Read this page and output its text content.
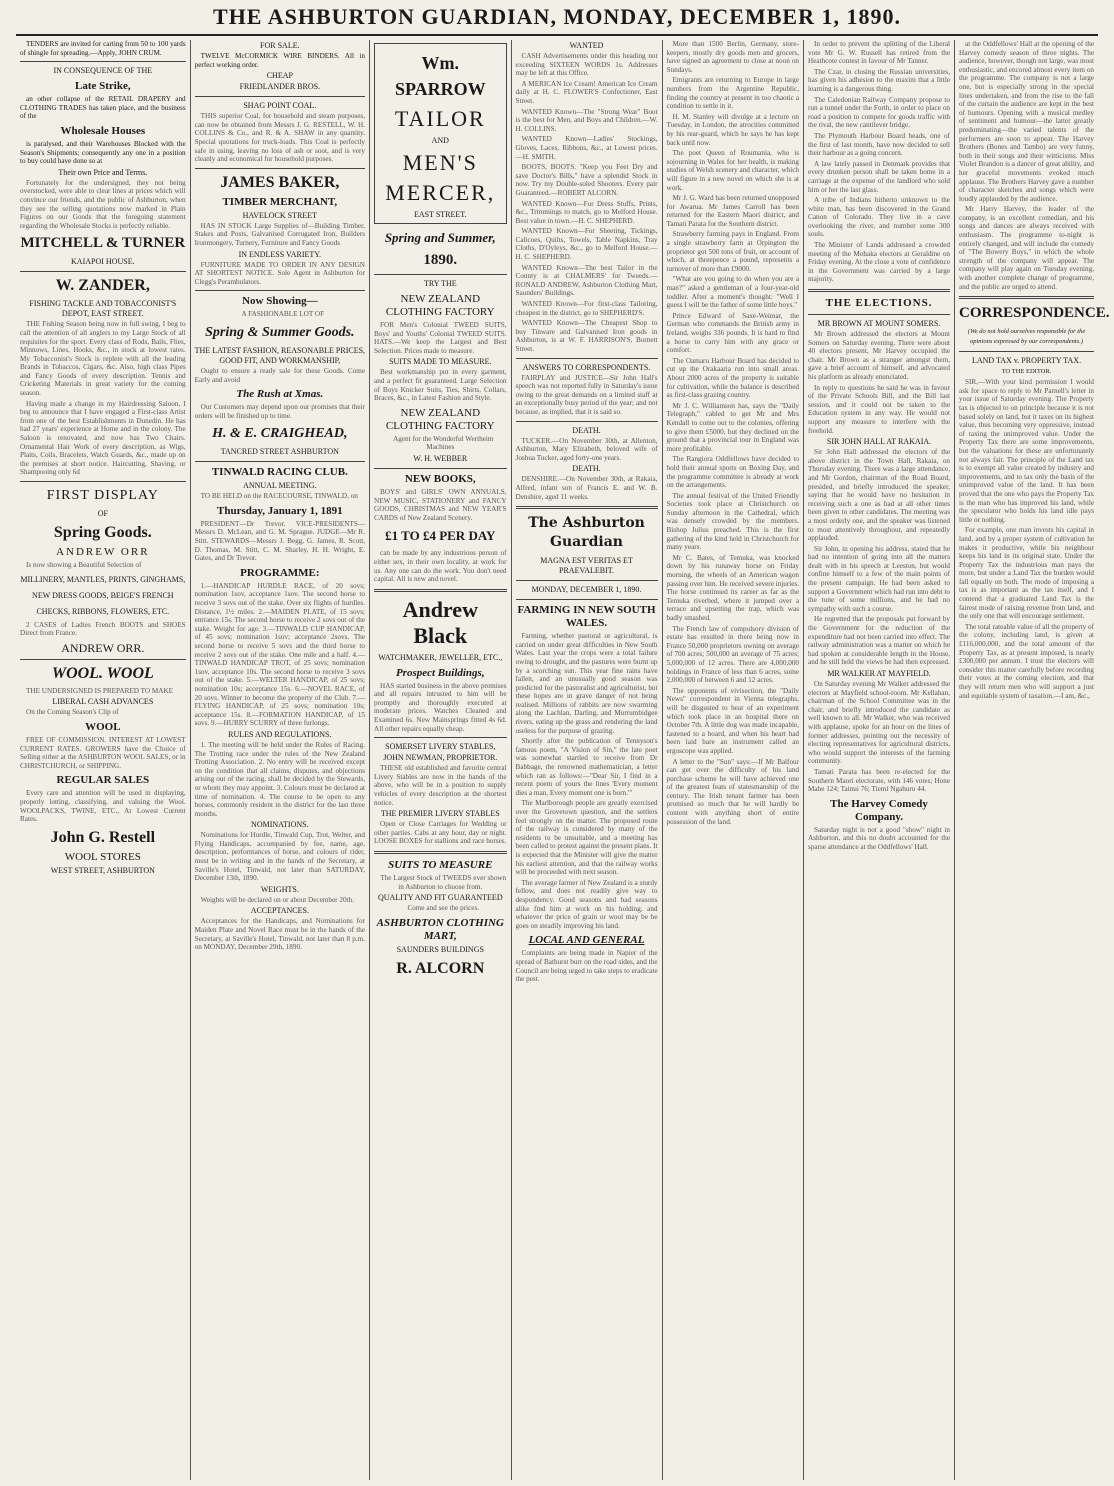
THE ASHBURTON GUARDIAN, MONDAY, DECEMBER 1, 1890.

TENDERS are invited for carting from 50 to 100 yards of shingle for spreading.—Apply, JOHN CRUM.

IN CONSEQUENCE OF THE
Late Strike,

an other collapse of the RETAIL DRAPERY and CLOTHING TRADES has taken place, and the business of the

Wholesale Houses

is paralysed, and their Warehouses Blocked with the Season's Shipments; consequently any one in a position to buy could have done so at

Their own Price and Terms.

Fortunately for the undersigned, they not being overstocked, were able to clear lines at prices which will convince our friends, and the public of Ashburton, when they see the selling quotations now marked in Plain Figures on our Goods that the foregoing statement regarding the Wholesale Stocks is perfectly reliable.

MITCHELL & TURNER
KAIAPOI HOUSE.
W. ZANDER,
FISHING TACKLE AND TOBACCONIST'S DEPOT, EAST STREET.

THE Fishing Season being now in full swing, I beg to call the attention of all anglers to my Large Stock of all requisites for the sport. Every class of Rods, Bails, Flies, Minnows, Lines, Hooks, &c., in stock at lowest rates. My Tobacconist's Stock is replete with all the leading Brands in Tobaccos, Cigars, &c. Also, high class Pipes and Fancy Goods of every description. Tennis and Cricketing Materials in great variety for the coming season.

Having made a change in my Hairdressing Saloon, I beg to announce that I have engaged a First-class Artist from one of the best Establishments in Dunedin. He has had 27 years' experience at Home and in the colony. The Saloon is renovated, and now has Two Chairs. Ornamental Hair Work of every description, as Wigs, Plaits, Coils, Bracelets, Watch Guards, &c., made up on the premises at short notice. Haircutting, Shaving, or Shampooing only 6d

FIRST DISPLAY
OF
Spring Goods.
ANDREW ORR

Is now showing a Beautiful Selection of

MILLINERY, MANTLES, PRINTS, GINGHAMS, NEW DRESS GOODS, BEIGE'S FRENCH CHECKS, RIBBONS, FLOWERS, ETC.

2 CASES of Ladies French BOOTS and SHOES Direct from France.

ANDREW ORR.
WOOL. WOOL

THE UNDERSIGNED IS PREPARED TO MAKE

LIBERAL CASH ADVANCES

On the Coming Season's Clip of

WOOL

FREE OF COMMISSION. INTEREST AT LOWEST CURRENT RATES. GROWERS have the Choice of Selling either at the ASHBURTON WOOL SALES, or in CHRISTCHURCH, or SHIPPING.

REGULAR SALES

Every care and attention will be used in displaying, properly lotting, classifying, and valuing the Wool. WOOLPACKS, TWINE, ETC., At Lowest Current Rates.

John G. Restell
WOOL STORES
WEST STREET, ASHBURTON
FOR SALE.

TWELVE McCORMICK WIRE BINDERS. All in perfect working order.

CHEAP
FRIEDLANDER BROS.
SHAG POINT COAL.

THIS superior Coal, for household and steam purposes, can now be obtained from Messrs J. G. RESTELL, W. H. COLLINS & Co., and R. & A. SHAW in any quantity. Special quotations for truck-loads. This Coal is perfectly safe in using, leaving no loss of ash or soot, and is very cleanly and economical for household purposes.

JAMES BAKER,
TIMBER MERCHANT,
HAVELOCK STREET

HAS IN STOCK Large Supplies of—Building Timber, Stakes and Posts, Galvanised Corrugated Iron, Builders Ironmongery, Turnery, Furniture and Fancy Goods

IN ENDLESS VARIETY.

FURNITURE MADE TO ORDER IN ANY DESIGN AT SHORTEST NOTICE. Sole Agent in Ashburton for Clegg's Perambulators.

Now Showing—

A FASHIONABLE LOT OF

Spring & Summer Goods.
THE LATEST FASHION, REASONABLE PRICES, GOOD FIT, AND WORKMANSHIP,

Ought to ensure a ready sale for these Goods. Come Early and avoid

The Rush at Xmas.

Our Customers may depend upon our promises that their orders will be finished up to time.

H. & E. CRAIGHEAD,
TANCRED STREET ASHBURTON
TINWALD RACING CLUB.
ANNUAL MEETING.

TO BE HELD on the RACECOURSE, TINWALD, on

Thursday, January 1, 1891

PRESIDENT—Dr Trevor. VICE-PRESIDENTS—Messrs D. McLean, and G. M. Sprague. JUDGE—Mr R. Stitt. STEWARDS—Messrs J. Begg, G. James, R. Scott, D. Thomas, M. Stitt, C. M. Sharley, H. H. Wright, E. Gates, and Dr Trevor.

PROGRAMME:

1.—HANDICAP HURDLE RACE, of 20 sovs; nomination 1sov, acceptance 1sov. The second horse to receive 3 sovs out of the stake. Over six flights of hurdles. Distance, 1½ miles. 2.—MAIDEN PLATE, of 15 sovs; entrance 15s. The second horse to receive 2 sovs out of the stake. Weight for age. 3.—TINWALD CUP HANDICAP, of 45 sovs; nomination 1sov; acceptance 2sovs. The second horse to receive 5 sovs and the third horse to receive 2 sovs out of the stake. One mile and a half. 4.—TINWALD HANDICAP TROT, of 25 sovs; nomination 1sov, acceptance 10s. The second horse to receive 3 sovs out of the stake. 5.—WELTER HANDICAP, of 25 sovs; nomination 10s; acceptance 15s. 6.—NOVEL RACE, of 20 sovs. Winner to become the property of the Club. 7.—FLYING HANDICAP, of 25 sovs; nomination 10s; acceptance 15s. 8.—FORMATION HANDICAP, of 15 sovs. 9.—HURRY SCURRY of three furlongs.

RULES AND REGULATIONS.

1. The meeting will be held under the Rules of Racing. The Trotting race under the rules of the New Zealand Trotting Association. 2. No entry will be received except on the condition that all claims, disputes, and objections arising out of the racing, shall be decided by the Stewards, or whom they may appoint. 3. Colours must be declared at time of nomination. 4. The course to be open to any horses, commonly resident in the district for the last three months.

NOMINATIONS.

Nominations for Hurdle, Tinwald Cup, Trot, Welter, and Flying Handicaps, accompanied by fee, name, age, description, performances of horse, and colours of rider, must be in writing and in the hands of the Secretary, at Saville's Hotel, Tinwald, not later than SATURDAY, December 13th, 1890.

WEIGHTS.

Weights will be declared on or about December 20th.

ACCEPTANCES.

Acceptances for the Handicaps, and Nominations for Maiden Plate and Novel Race must be in the hands of the Secretary, at Saville's Hotel, Tinwald, not later than 8 p.m. on MONDAY, December 29th, 1890.

Wm. SPARROW
TAILOR
AND
MEN'S
MERCER,
EAST STREET.
Spring and Summer,
1890.
TRY THE
NEW ZEALAND CLOTHING FACTORY

FOR Men's Colonial TWEED SUITS, Boys' and Youths' Colonial TWEED SUITS. HATS.—We keep the Largest and Best Selection. Prices made to measure.

SUITS MADE TO MEASURE.

Best workmanship put in every garment, and a perfect fit guaranteed. Large Selection of Boys Knicker Suits, Ties, Shirts, Collars, Braces, &c., in Latest Fashion and Style.

NEW ZEALAND CLOTHING FACTORY

Agent for the Wonderful Wertheim Machines

W. H. WEBBER
NEW BOOKS,

BOYS' and GIRLS' OWN ANNUALS, NEW MUSIC, STATIONERY and FANCY GOODS, CHRISTMAS and NEW YEAR'S CARDS of New Zealand Scenery.

£1 TO £4 PER DAY

can be made by any industrious person of either sex, in their own locality, at work for us. Any one can do the work. You don't need capital. All is new and novel.

Andrew Black
WATCHMAKER, JEWELLER, ETC.,
Prospect Buildings,

HAS started business in the above premises and all repairs intrusted to him will be promptly and thoroughly executed at moderate prices. Watches Cleaned and Examined 6s. New Mainsprings fitted 4s 6d. All other repairs equally cheap.

SOMERSET LIVERY STABLES,
JOHN NEWMAN, PROPRIETOR.

THESE old established and favorite central Livery Stables are now in the hands of the above, who will be in a position to supply vehicles of every description at the shortest notice.

THE PREMIER LIVERY STABLES

Open or Close Carriages for Wedding or other parties. Cabs at any hour, day or night. LOOSE BOXES for stallions and race horses.

SUITS TO MEASURE

The Largest Stock of TWEEDS ever shown in Ashburton to choose from.

QUALITY AND FIT GUARANTEED

Come and see the prices.

ASHBURTON CLOTHING MART,
SAUNDERS BUILDINGS
R. ALCORN
WANTED

CASH Advertisements under this heading not exceeding SIXTEEN WORDS 1s. Addresses may be left at this Office.

A MERICAN Ice Cream! American Ice Cream daily at H. C. FLOWER'S Confectioner, East Street.

WANTED Known—The "Strong Wear" Boot is the best for Men, and Boys and Children.—W. H. COLLINS.

WANTED Known—Ladies' Stockings, Gloves, Laces, Ribbons, &c., at Lowest prices.—H. SMITH.

BOOTS, BOOTS. "Keep you Feet Dry and save Doctor's Bills," have a splendid Stock in now. Try my Double-soled Shooters. Every pair Guaranteed.—ROBERT ALCORN.

WANTED Known—For Dress Stuffs, Prints, &c., Trimmings to match, go to Melford House. Best value in town.—H. C. SHEPHERD.

WANTED Known—For Sheeting, Tickings, Calicoes, Quilts, Towels, Table Napkins, Tray Cloths, D'Oyleys, &c., go to Melford House.—H. C. SHEPHERD.

WANTED Known—The best Tailor in the County is at CHALMERS' for Tweeds.—RONALD ANDREW, Ashburton Clothing Mart, Saunders' Buildings.

WANTED Known—For first-class Tailoring, cheapest in the district, go to SHEPHERD'S.

WANTED Known—The Cheapest Shop to buy Tinware and Galvanised Iron goods in Ashburton, is at W. F. HARRISON'S, Burnett Street.

ANSWERS TO CORRESPONDENTS.

FAIRPLAY and JUSTICE—Sir John Hall's speech was not reported fully in Saturday's issue owing to the great demands on a limited staff at an exceptionally busy period of the year; and not because, as implied, that it is said so.

DEATH.

TUCKER.—On November 30th, at Allenton, Ashburton, Mary Elizabeth, beloved wife of Joshua Tucker, aged forty-one years.

DEATH.

DENSHIRE.—On November 30th, at Rakaia, Alfred, infant son of Francis E. and W. B. Denshire, aged 11 weeks.

The Ashburton Guardian
MAGNA EST VERITAS ET PRAEVALEBIT.
MONDAY, DECEMBER 1, 1890.
FARMING IN NEW SOUTH WALES.

Farming, whether pastoral or agricultural, is carried on under great difficulties in New South Wales. Last year the crops were a total failure owing to drought, and the pastures were burnt up by a scorching sun. This year fine rains have fallen, and an unusually good season was predicted for the pastoralist and agriculturist, but these hopes are in grave danger of not being realised. Millions of rabbits are now swarming along the Lachlan, Darling, and Murrumbidgee rivers, eating up the grass and rendering the land useless for the purpose of grazing.

Shortly after the publication of Tennyson's famous poem, "A Vision of Sin," the late poet was somewhat startled to receive from Dr Babbage, the renowned mathematician, a letter which ran as follows:—"Dear Sir, I find in a recent poem of yours the lines 'Every moment dies a man, Every moment one is born.'"

The Marlborough people are greatly exercised over the Grovetown question, and the settlers feel strongly on the matter. The proposed route of the railway is considered by many of the residents to be unsuitable, and a meeting has been called to protest against the present plans. It is expected that the Minister will give the matter his earliest attention, and that the railway works will be proceeded with next season.

The average farmer of New Zealand is a sturdy fellow, and does not readily give way to despondency. Good seasons and bad seasons alike find him at work on his holding, and whatever the price of grain or wool may be he goes on steadily improving his land.

LOCAL AND GENERAL

Complaints are being made in Napier of the spread of Bathurst burr on the road sides, and the Council are being urged to take steps to eradicate the pest.

More than 1500 Berlin, Germany, store-keepers, mostly dry goods men and grocers, have signed an agreement to close at noon on Sundays.

Emigrants are returning to Europe in large numbers from the Argentine Republic, finding the country at present in too chaotic a condition to settle in it.

H. M. Stanley will divulge at a lecture on Tuesday, in London, the atrocities committed by his rear-guard, which he says he has kept back until now.

The poet Queen of Roumania, who is sojourning in Wales for her health, is making studies of Welsh scenery and character, which will figure in a new novel on which she is at work.

Mr J. G. Ward has been returned unopposed for Awarua. Mr James Carroll has been returned for the Eastern Maori district, and Tamati Parata for the Southern district.

Strawberry farming pays in England. From a single strawberry farm at Orpington the proprietor got 500 tons of fruit, on account of which, at threepence a pound, represents a turnover of more than £9000.

"What are you going to do when you are a man?" asked a gentleman of a four-year-old toddler. After a moment's thought: "Well I guess I will be the father of some little boys."

Prince Edward of Saxe-Weimar, the German who commands the British army in Ireland, weighs 336 pounds. It is hard to find a horse to carry him with any grace or comfort.

The Oamaru Harbour Board has decided to cut up the Orakaaria run into small areas. About 2000 acres of the property is suitable for cultivation, while the balance is described as first-class grazing country.

Mr J. C. Williamson has, says the "Daily Telegraph," cabled to get Mr and Mrs Kendall to come out to the colonies, offering to give them £5000, but they declined on the ground that a provincial tour in England was more profitable.

The Rangiora Oddfellows have decided to hold their annual sports on Boxing Day, and the programme committee is already at work on the arrangements.

The annual festival of the United Friendly Societies took place at Christchurch on Sunday afternoon in the Cathedral, which was densely crowded by the members. Bishop Julius preached. This is the first gathering of the kind held in Christchurch for many years.

Mr C. Bates, of Temuka, was knocked down by his runaway horse on Friday morning, the wheels of an American wagon passing over him. He received severe injuries. The horse continued its career as far as the Temuka riverbed, where it jumped over a terrace and upsetting the trap, which was badly smashed.

The French law of compulsory division of estate has resulted in there being now in France 50,000 proprietors owning on average of 700 acres; 500,000 an average of 75 acres; 5,000,000 of 12 acres. There are 4,000,000 holdings in France of less than 6 acres, some 2,000,000 of between 6 and 12 acres.

The opponents of vivisection, the "Daily News" correspondent in Vienna telegraphs, will be disgusted to hear of an experiment which took place in an hospital there on October 7th. A little dog was made incapable, fastened to a board, and when his heart had been laid bare an instrument called an ergoscope was applied.

A letter to the "Sun" says:—If Mr Balfour can get over the difficulty of his land purchase scheme he will have achieved one of the greatest feats of statesmanship of the century. The Irish tenant farmer has been promised so much that he will hardly be content with anything short of entire possession of the land.

In order to prevent the splitting of the Liberal vote Mr G. W. Russell has retired from the Heathcote contest in favour of Mr Tanner.

The Czar, in closing the Russian universities, has given his adhesion to the maxim that a little learning is a dangerous thing.

The Caledonian Railway Company propose to run a tunnel under the Forth, in order to place on road a position to compete for goods traffic with the rival, the new cantilever bridge.

The Plymouth Harbour Board heads, one of the first of last month, have now decided to sell their harbour as a going concern.

A law lately passed in Denmark provides that every drunken person shall be taken home in a carriage at the expense of the landlord who sold him or her the last glass.

A tribe of Indians hitherto unknown to the white man, has been discovered in the Grand Canon of Colorado. They live in a cave overlooking the river, and number some 300 souls.

The Minister of Lands addressed a crowded meeting of the Mohaka electors at Geraldine on Friday evening. At the close a vote of confidence in the Government was carried by a large majority.

THE ELECTIONS.
MR BROWN AT MOUNT SOMERS.

Mr Brown addressed the electors at Mount Somers on Saturday evening. There were about 40 electors present, Mr Harvey occupied the chair. Mr Brown as a stranger amongst them, gave a brief account of himself, and advocated his platform as already enunciated.

In reply to questions he said he was in favour of the Private Schools Bill, and the Bill last session, and it could not be taken to the Education system in any way. He would not support any measure to interfere with the freehold.

SIR JOHN HALL AT RAKAIA.

Sir John Hall addressed the electors of the above district in the Town Hall, Rakaia, on Thursday evening. There was a large attendance, and Mr Gordon, chairman of the Road Board, presided, and briefly introduced the speaker, saying that he would have no hesitation in receiving such a one as had at all other times been given to other candidates. The meeting was a most orderly one, and the speaker was listened to most attentively throughout, and repeatedly applauded.

Sir John, in opening his address, stated that he had no intention of going into all the matters dealt with in his speech at Leeston, but would confine himself to a few of the main points of the present campaign. He had been asked to support a Government which had run into debt to the tune of some millions, and he had no sympathy with such a course.

He regretted that the proposals put forward by the Government for the reduction of the expenditure had not been carried into effect. The railway administration was a matter on which he had spoken at considerable length in the House, and he still held the views he had then expressed.

MR WALKER AT MAYFIELD.

On Saturday evening Mr Walker addressed the electors at Mayfield school-room. Mr Kellahan, chairman of the School Committee was in the chair, and briefly introduced the candidate as well known to all. Mr Walker, who was received with applause, spoke for an hour on the lines of former addresses, pointing out the necessity of electing representatives for agricultural districts, who would support the interests of the farming community.

Tamati Parata has been re-elected for the Southern Maori electorate, with 146 votes; Hone Mahe 124; Tainui 76; Tiemi Ngahuru 44.

The Harvey Comedy Company.

Saturday night is not a good "show" night in Ashburton, and this no doubt accounted for the sparse attendance at the Oddfellows' Hall.

at the Oddfellows' Hall at the opening of the Harvey comedy season of three nights. The audience, however, though not large, was most enthusiastic, and encored almost every item on the programme. The company is not a large one, but is especially strong in the special lines undertaken, and from the rise to the fall of the curtain the audience are kept in the best of humours. Opening with a musical medley of sentiment and humour—the latter greatly predominating—the varied talents of the performers are soon to appear. The Harvey Brothers (Bones and Tambo) are very funny, both in their songs and their witticisms. Miss Violet Brandon is a dancer of great ability, and her graceful movements evoked much applause. The Brothers Harvey gave a number of character sketches and songs which were loudly applauded by the audience.

Mr Harry Harvey, the leader of the company, is an excellent comedian, and his songs and dances are always received with enthusiasm. The programme to-night is entirely changed, and will include the comedy of "The Bowery Boys," in which the whole strength of the company will appear. The company will play again on Tuesday evening, with another complete change of programme, and the public are urged to attend.

CORRESPONDENCE.
(We do not hold ourselves responsible for the opinions expressed by our correspondents.)
LAND TAX v. PROPERTY TAX.
TO THE EDITOR.

SIR,—With your kind permission I would ask for space to reply to Mr Parnell's letter in your issue of Saturday evening. The Property tax is objected to on principle because it is not based solely on land, but it taxes on its highest value, thus becoming very oppressive, instead of taxing the unimproved value. Under the Property Tax there are some improvements, but the valuations for these are unfortunately not always fair. The principle of the Land tax is to exempt all value created by industry and improvements, and to tax only the basis of the unimproved value of the land. It has been proved that the one who pays the Property Tax is the man who has improved his land, while the speculator who holds his land idle pays little or nothing.

For example, one man invests his capital in land, and by a proper system of cultivation he makes it productive, while his neighbour keeps his land in its original state. Under the Property Tax the industrious man pays the more, but under a Land Tax the burden would fall equally on both. The mode of imposing a tax is as important as the tax itself, and I contend that a graduated Land Tax is the fairest mode of raising revenue from land, and the only one that will encourage settlement.

The total rateable value of all the property of the colony, including land, is given at £116,000,000, and the total amount of the Property Tax, as at present imposed, is nearly £300,000 per annum. I trust the electors will consider this matter carefully before recording their votes at the coming election, and that they will return men who will support a just and equitable system of taxation.—I am, &c.,
